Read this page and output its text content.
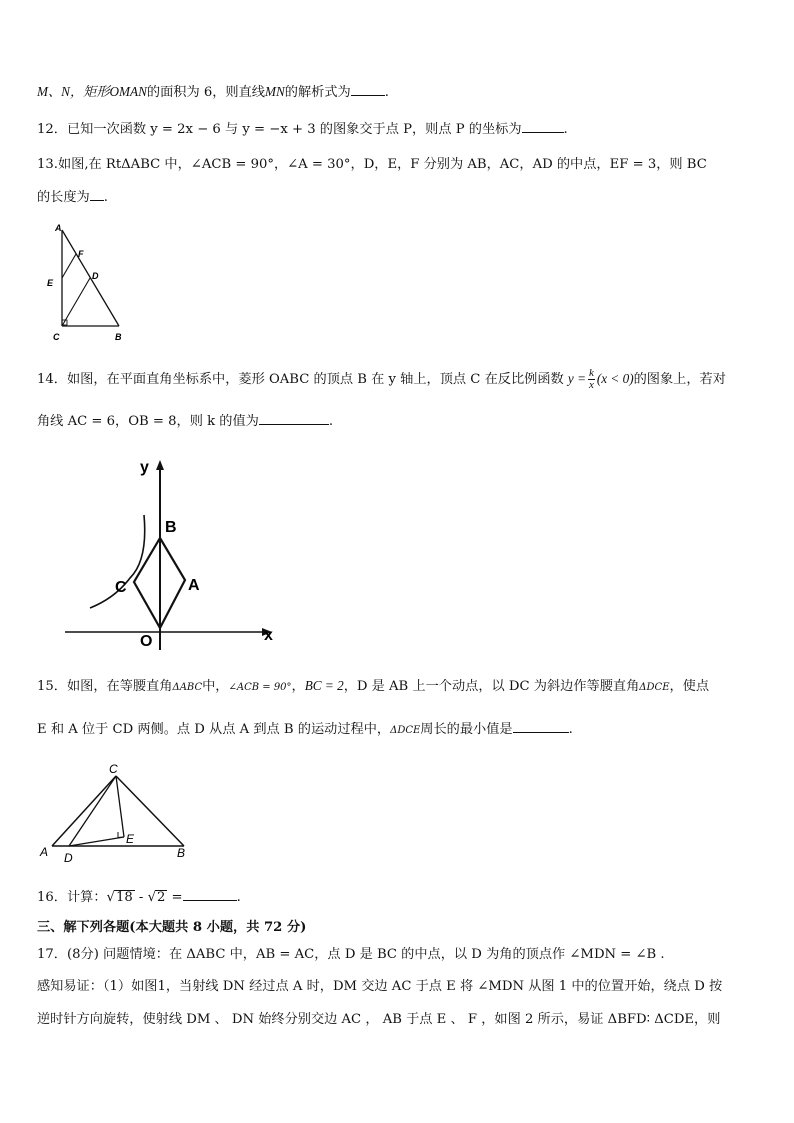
M、N，矩形OMAN的面积为 6，则直线MN的解析式为	.
12．已知一次函数 y = 2x − 6 与 y = −x + 3 的图象交于点 P，则点 P 的坐标为	.
13.如图,在 RtΔABC 中，∠ACB = 90°，∠A = 30°，D，E，F 分别为 AB，AC，AD 的中点，EF = 3，则 BC
的长度为 .
A
F
D
E
C	B
14．如图，在平面直角坐标系中，菱形 OABC 的顶点 B 在 y 轴上，顶点 C 在反比例函数 $y = \frac{k}{x} (x < 0)$的图象上，若对
角线 AC = 6，OB = 8，则 k 的值为	.
y
B
C	A
O	x
15．如图，在等腰直角ΔABC中，∠ACB = 90°，BC = 2，D 是 AB 上一个动点，以 DC 为斜边作等腰直角ΔDCE，使点
E 和 A 位于 CD 两侧。点 D 从点 A 到点 B 的运动过程中，ΔDCE周长的最小值是	.
C
E
A D	B
16．计算：√18 - √2 =	.
三、解下列各题(本大题共 8 小题，共 72 分)
17．(8分) 问题情境：在 ΔABC 中，AB = AC，点 D 是 BC 的中点，以 D 为角的顶点作 ∠MDN = ∠B .
感知易证：（1）如图1，当射线 DN 经过点 A 时，DM 交边 AC 于点 E 将 ∠MDN 从图 1 中的位置开始，绕点 D 按
逆时针方向旋转，使射线 DM 、 DN 始终分别交边 AC ， AB 于点 E 、 F ，如图 2 所示，易证 ΔBFD∶ ΔCDE，则
